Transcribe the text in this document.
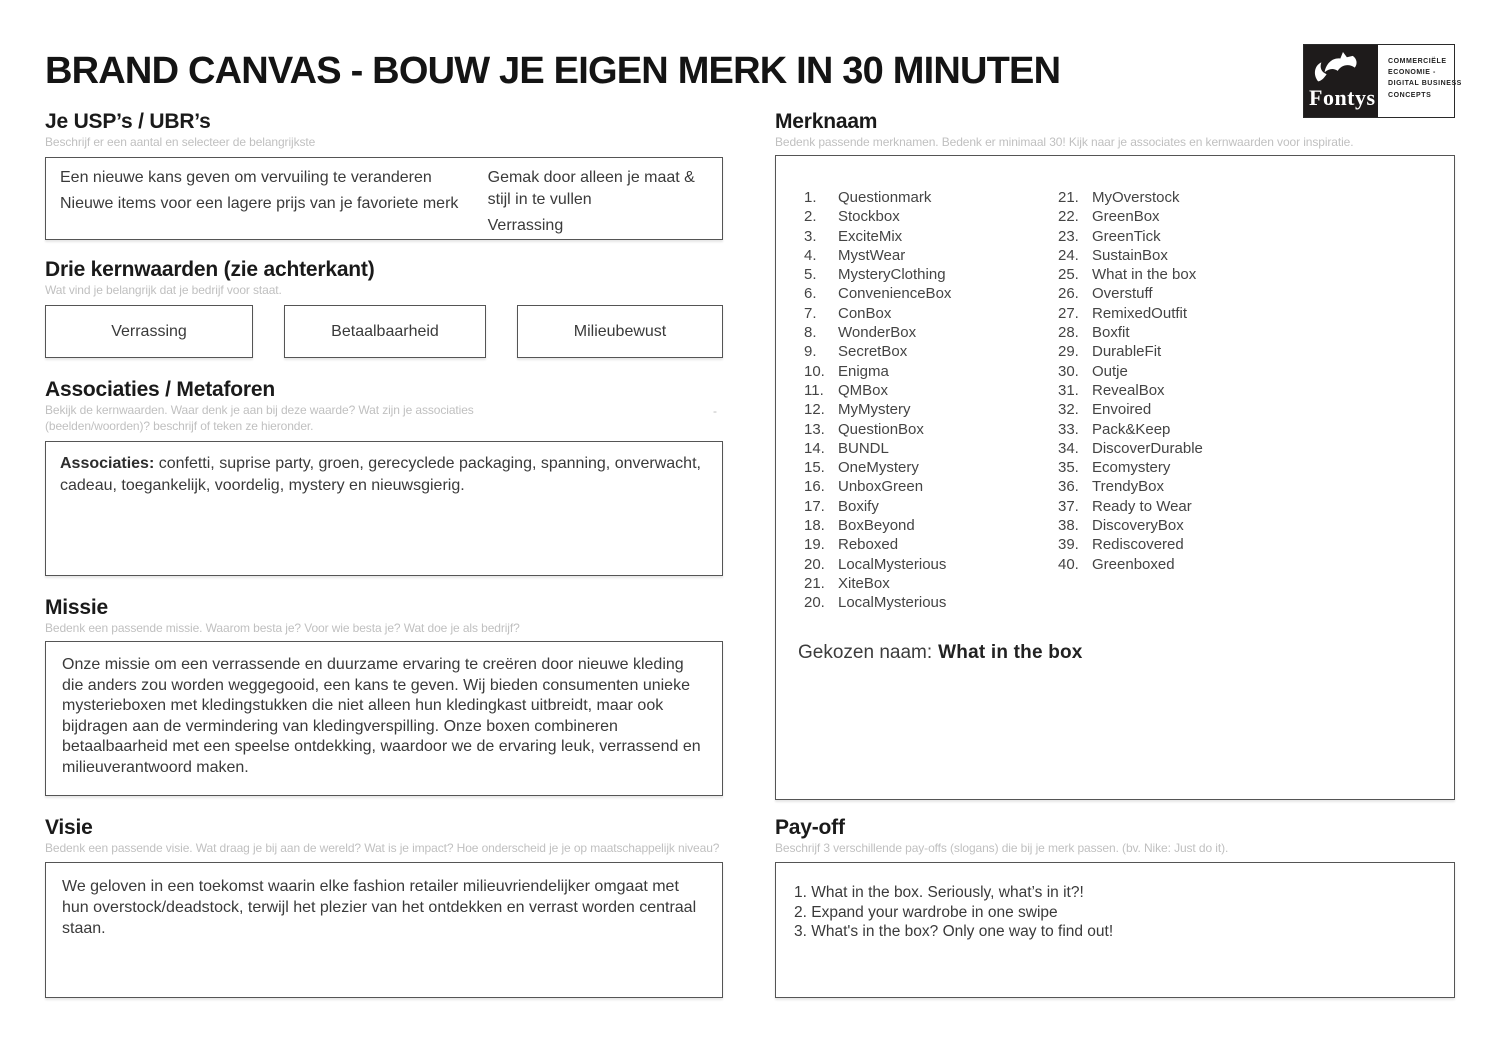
BRAND CANVAS - BOUW JE EIGEN MERK IN 30 MINUTEN
Fontys
COMMERCIËLE
ECONOMIE -
DIGITAL BUSINESS
CONCEPTS
Je USP’s / UBR’s

Beschrijf er een aantal en selecteer de belangrijkste

Een nieuwe kans geven om vervuiling te veranderen

Nieuwe items voor een lagere prijs van je favoriete merk

Gemak door alleen je maat & stijl in te vullen

Verrassing

Drie kernwaarden (zie achterkant)

Wat vind je belangrijk dat je bedrijf voor staat.

Verrassing	Betaalbaarheid	Milieubewust
Associaties / Metaforen

Bekijk de kernwaarden. Waar denk je aan bij deze waarde? Wat zijn je associaties (beelden/woorden)? beschrijf of teken ze hieronder.

-
Associaties: confetti, suprise party, groen, gerecyclede packaging, spanning, onverwacht, cadeau, toegankelijk, voordelig, mystery en nieuwsgierig.
Missie

Bedenk een passende missie. Waarom besta je? Voor wie besta je? Wat doe je als bedrijf?

Onze missie om een verrassende en duurzame ervaring te creëren door nieuwe kleding die anders zou worden weggegooid, een kans te geven. Wij bieden consumenten unieke mysterieboxen met kledingstukken die niet alleen hun kledingkast uitbreidt, maar ook bijdragen aan de vermindering van kledingverspilling. Onze boxen combineren betaalbaarheid met een speelse ontdekking, waardoor we de ervaring leuk, verrassend en milieuverantwoord maken.
Visie

Bedenk een passende visie. Wat draag je bij aan de wereld? Wat is je impact? Hoe onderscheid je je op maatschappelijk niveau?

We geloven in een toekomst waarin elke fashion retailer milieuvriendelijker omgaat met hun overstock/deadstock, terwijl het plezier van het ontdekken en verrast worden centraal staan.
Merknaam

Bedenk passende merknamen. Bedenk er minimaal 30! Kijk naar je associates en kernwaarden voor inspiratie.

1.	Questionmark
2.	Stockbox
3.	ExciteMix
4.	MystWear
5.	MysteryClothing
6.	ConvenienceBox
7.	ConBox
8.	WonderBox
9.	SecretBox
10. Enigma
11. QMBox
12. MyMystery
13. QuestionBox
14. BUNDL
15. OneMystery
16. UnboxGreen
17. Boxify
18. BoxBeyond
19. Reboxed
20. LocalMysterious
21. XiteBox
20. LocalMysterious
21. MyOverstock
22. GreenBox
23. GreenTick
24. SustainBox
25. What in the box
26. Overstuff
27. RemixedOutfit
28. Boxfit
29. DurableFit
30. Outje
31. RevealBox
32. Envoired
33. Pack&Keep
34. DiscoverDurable
35. Ecomystery
36. TrendyBox
37. Ready to Wear
38. DiscoveryBox
39. Rediscovered
40. Greenboxed
Gekozen naam: What in the box
Pay-off

Beschrijf 3 verschillende pay-offs (slogans) die bij je merk passen. (bv. Nike: Just do it).

1. What in the box. Seriously, what’s in it?!
2. Expand your wardrobe in one swipe
3. What's in the box? Only one way to find out!
